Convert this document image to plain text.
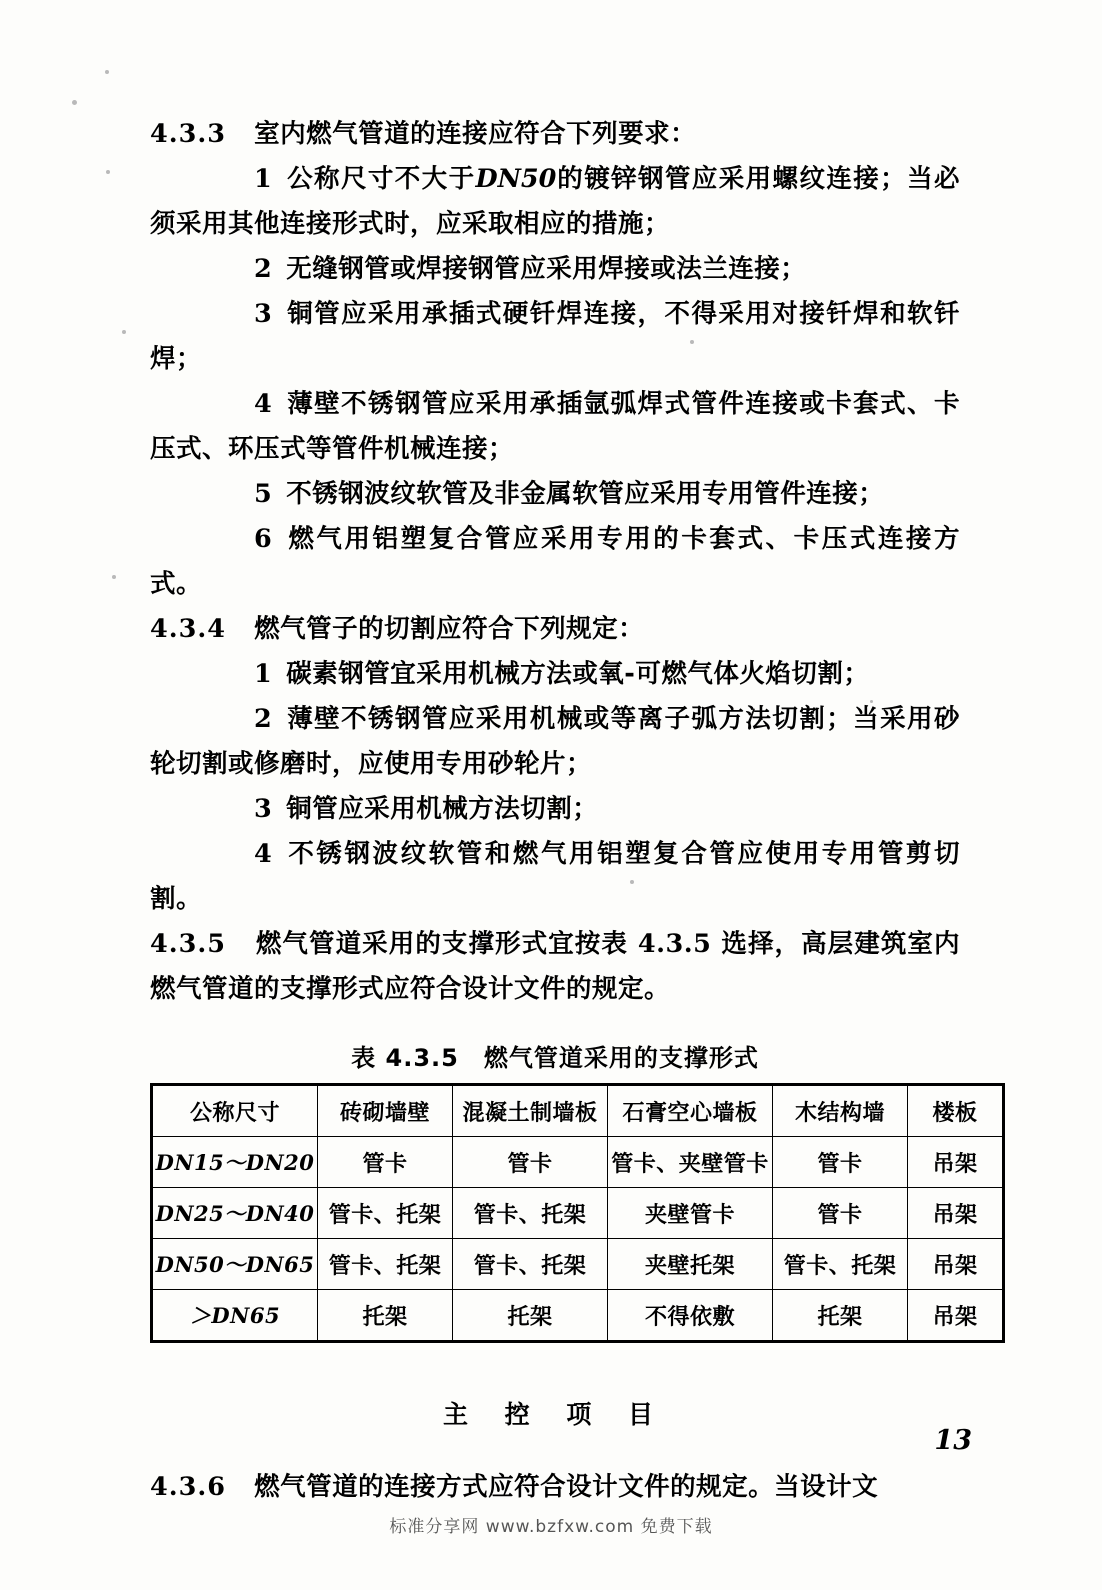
4.3.3 室内燃气管道的连接应符合下列要求：

1 公称尺寸不大于DN50的镀锌钢管应采用螺纹连接；当必须采用其他连接形式时，应采取相应的措施；

2 无缝钢管或焊接钢管应采用焊接或法兰连接；

3 铜管应采用承插式硬钎焊连接，不得采用对接钎焊和软钎焊；

4 薄壁不锈钢管应采用承插氩弧焊式管件连接或卡套式、卡压式、环压式等管件机械连接；

5 不锈钢波纹软管及非金属软管应采用专用管件连接；

6 燃气用铝塑复合管应采用专用的卡套式、卡压式连接方式。

4.3.4 燃气管子的切割应符合下列规定：

1 碳素钢管宜采用机械方法或氧-可燃气体火焰切割；

2 薄壁不锈钢管应采用机械或等离子弧方法切割；当采用砂轮切割或修磨时，应使用专用砂轮片；

3 铜管应采用机械方法切割；

4 不锈钢波纹软管和燃气用铝塑复合管应使用专用管剪切割。

4.3.5 燃气管道采用的支撑形式宜按表 4.3.5 选择，高层建筑室内燃气管道的支撑形式应符合设计文件的规定。

表 4.3.5　燃气管道采用的支撑形式
公称尺寸	砖砌墙壁	混凝土制墙板	石膏空心墙板	木结构墙	楼板
DN15～DN20	管卡	管卡	管卡、夹壁管卡	管卡	吊架
DN25～DN40	管卡、托架	管卡、托架	夹壁管卡	管卡	吊架
DN50～DN65	管卡、托架	管卡、托架	夹壁托架	管卡、托架	吊架
＞DN65	托架	托架	不得依敷	托架	吊架
主 控 项 目

4.3.6 燃气管道的连接方式应符合设计文件的规定。当设计文

13
标准分享网 www.bzfxw.com 免费下载
